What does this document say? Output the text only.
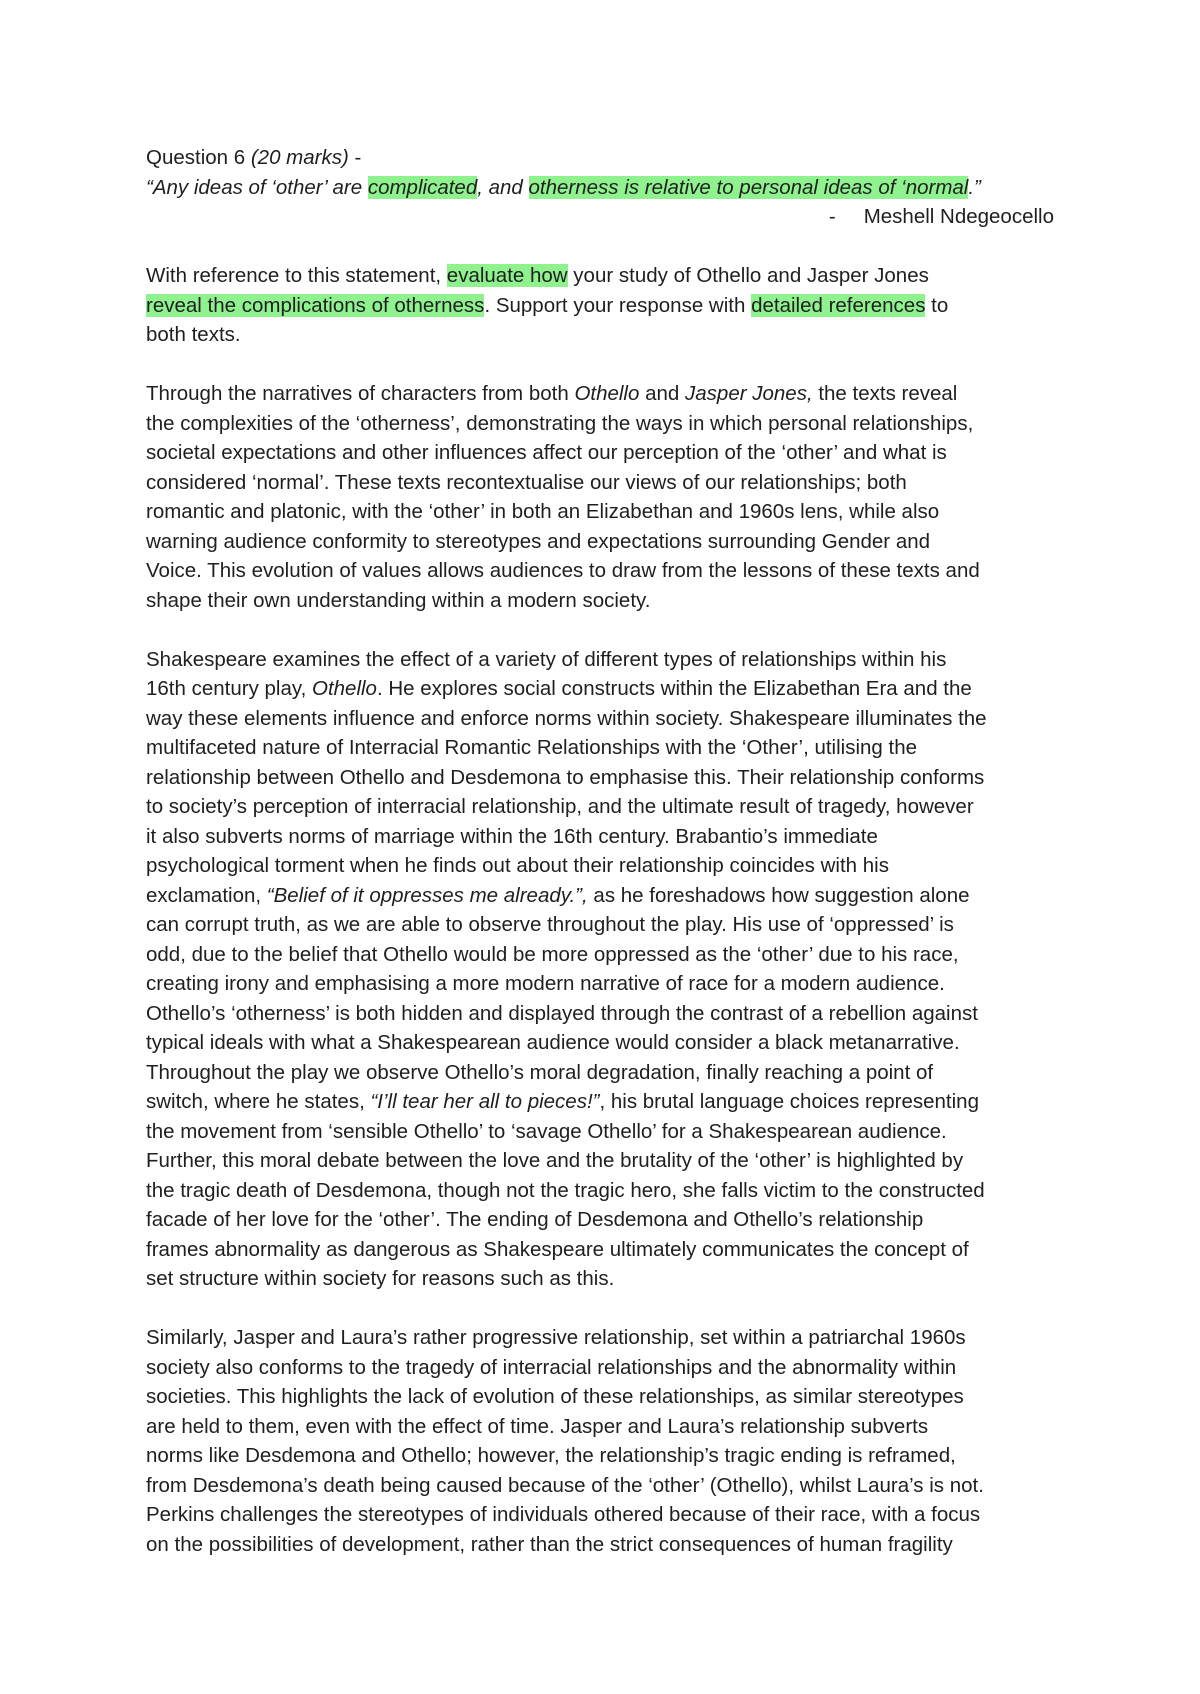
Question 6 (20 marks) -
“Any ideas of ‘other’ are complicated, and otherness is relative to personal ideas of ‘normal.”
- Meshell Ndegeocello
With reference to this statement, evaluate how your study of Othello and Jasper Jones
reveal the complications of otherness. Support your response with detailed references to
both texts.
Through the narratives of characters from both Othello and Jasper Jones, the texts reveal
the complexities of the ‘otherness’, demonstrating the ways in which personal relationships,
societal expectations and other influences affect our perception of the ‘other’ and what is
considered ‘normal’. These texts recontextualise our views of our relationships; both
romantic and platonic, with the ‘other’ in both an Elizabethan and 1960s lens, while also
warning audience conformity to stereotypes and expectations surrounding Gender and
Voice. This evolution of values allows audiences to draw from the lessons of these texts and
shape their own understanding within a modern society.
Shakespeare examines the effect of a variety of different types of relationships within his
16th century play, Othello. He explores social constructs within the Elizabethan Era and the
way these elements influence and enforce norms within society. Shakespeare illuminates the
multifaceted nature of Interracial Romantic Relationships with the ‘Other’, utilising the
relationship between Othello and Desdemona to emphasise this. Their relationship conforms
to society’s perception of interracial relationship, and the ultimate result of tragedy, however
it also subverts norms of marriage within the 16th century. Brabantio’s immediate
psychological torment when he finds out about their relationship coincides with his
exclamation, “Belief of it oppresses me already.”, as he foreshadows how suggestion alone
can corrupt truth, as we are able to observe throughout the play. His use of ‘oppressed’ is
odd, due to the belief that Othello would be more oppressed as the ‘other’ due to his race,
creating irony and emphasising a more modern narrative of race for a modern audience.
Othello’s ‘otherness’ is both hidden and displayed through the contrast of a rebellion against
typical ideals with what a Shakespearean audience would consider a black metanarrative.
Throughout the play we observe Othello’s moral degradation, finally reaching a point of
switch, where he states, “I’ll tear her all to pieces!”, his brutal language choices representing
the movement from ‘sensible Othello’ to ‘savage Othello’ for a Shakespearean audience.
Further, this moral debate between the love and the brutality of the ‘other’ is highlighted by
the tragic death of Desdemona, though not the tragic hero, she falls victim to the constructed
facade of her love for the ‘other’. The ending of Desdemona and Othello’s relationship
frames abnormality as dangerous as Shakespeare ultimately communicates the concept of
set structure within society for reasons such as this.
Similarly, Jasper and Laura’s rather progressive relationship, set within a patriarchal 1960s
society also conforms to the tragedy of interracial relationships and the abnormality within
societies. This highlights the lack of evolution of these relationships, as similar stereotypes
are held to them, even with the effect of time. Jasper and Laura’s relationship subverts
norms like Desdemona and Othello; however, the relationship’s tragic ending is reframed,
from Desdemona’s death being caused because of the ‘other’ (Othello), whilst Laura’s is not.
Perkins challenges the stereotypes of individuals othered because of their race, with a focus
on the possibilities of development, rather than the strict consequences of human fragility
